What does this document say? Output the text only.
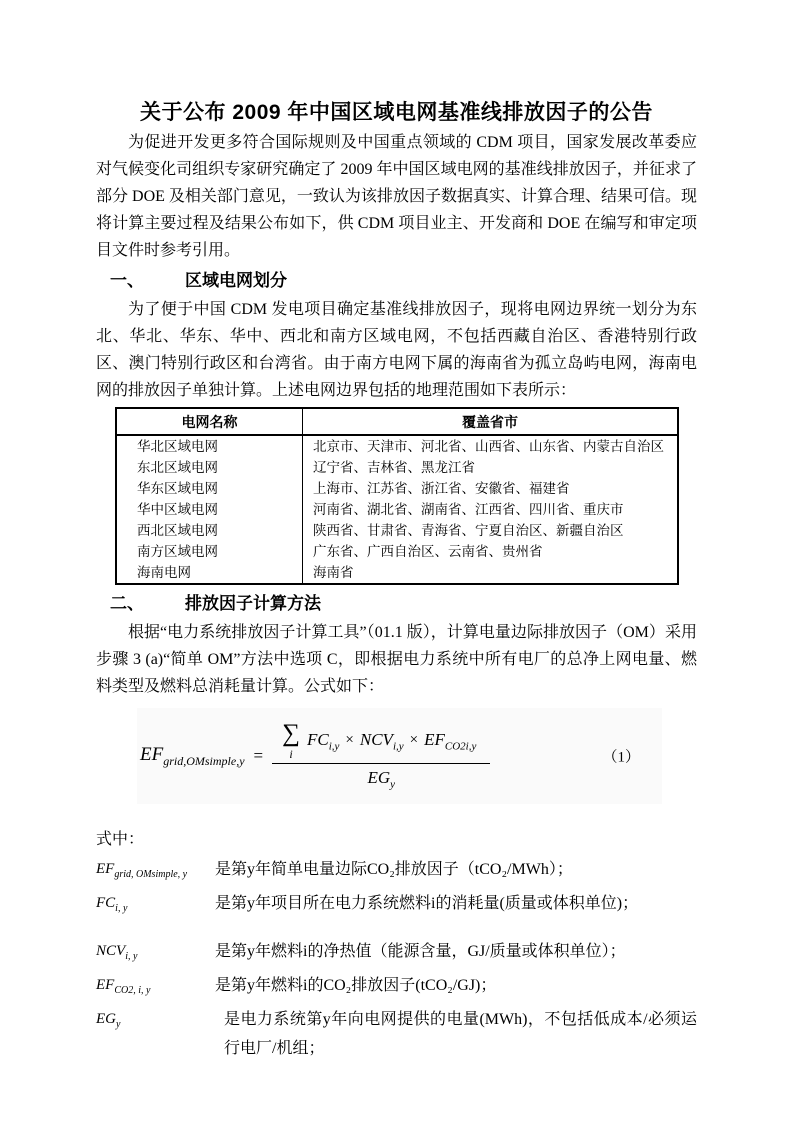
关于公布 2009 年中国区域电网基准线排放因子的公告

为促进开发更多符合国际规则及中国重点领域的 CDM 项目，国家发展改革委应对气候变化司组织专家研究确定了 2009 年中国区域电网的基准线排放因子，并征求了部分 DOE 及相关部门意见，一致认为该排放因子数据真实、计算合理、结果可信。现将计算主要过程及结果公布如下，供 CDM 项目业主、开发商和 DOE 在编写和审定项目文件时参考引用。

一、	区域电网划分

为了便于中国 CDM 发电项目确定基准线排放因子，现将电网边界统一划分为东北、华北、华东、华中、西北和南方区域电网，不包括西藏自治区、香港特别行政区、澳门特别行政区和台湾省。由于南方电网下属的海南省为孤立岛屿电网，海南电网的排放因子单独计算。上述电网边界包括的地理范围如下表所示：

电网名称	覆盖省市
华北区域电网	北京市、天津市、河北省、山西省、山东省、内蒙古自治区
东北区域电网	辽宁省、吉林省、黑龙江省
华东区域电网	上海市、江苏省、浙江省、安徽省、福建省
华中区域电网	河南省、湖北省、湖南省、江西省、四川省、重庆市
西北区域电网	陕西省、甘肃省、青海省、宁夏自治区、新疆自治区
南方区域电网	广东省、广西自治区、云南省、贵州省
海南电网	海南省
二、	排放因子计算方法

根据“电力系统排放因子计算工具”（01.1 版），计算电量边际排放因子（OM）采用步骤 3 (a)“简单 OM”方法中选项 C，即根据电力系统中所有电厂的总净上网电量、燃料类型及燃料总消耗量计算。公式如下：

$EF_{grid,OMsimple,y}$ =
∑
i
$FC_{i,y} \times NCV_{i,y} \times EF_{CO2i,y}$
$EG_y$
（1）

式中：

$EF_{grid, OMsimple, y}$	是第y年简单电量边际CO₂排放因子（tCO₂/MWh）；
$FC_{i, y}$	是第y年项目所在电力系统燃料i的消耗量(质量或体积单位)；
$NCV_{i, y}$	是第y年燃料i的净热值（能源含量，GJ/质量或体积单位）；
$EF_{CO2, i, y}$	是第y年燃料i的CO₂排放因子(tCO₂/GJ)；
$EG_y$	是电力系统第y年向电网提供的电量(MWh)，不包括低成本/必须运行电厂/机组；
